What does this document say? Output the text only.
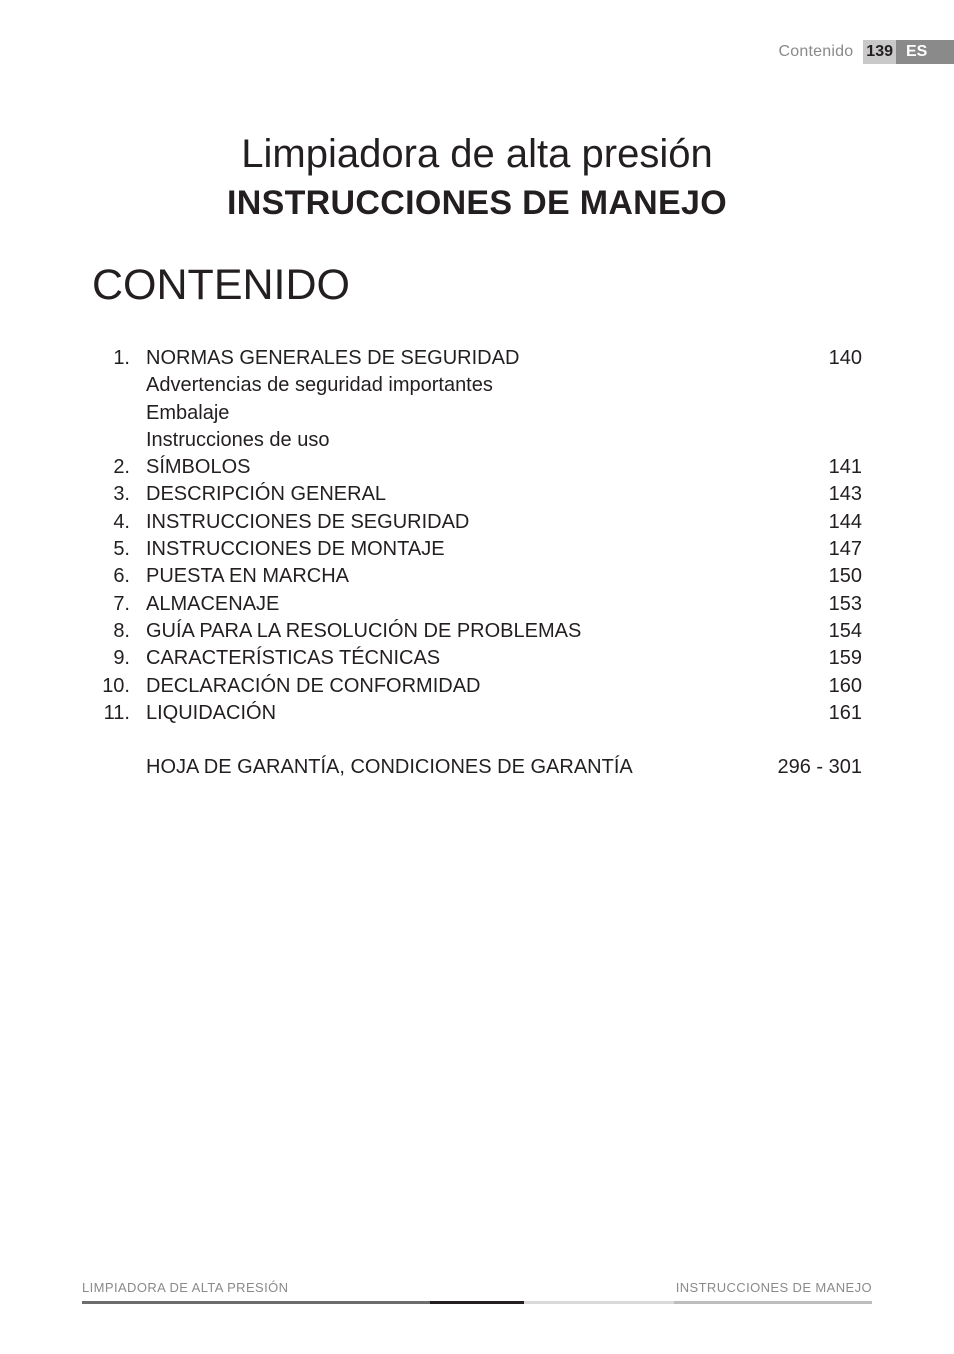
Contenido 139 ES
Limpiadora de alta presión
INSTRUCCIONES DE MANEJO
CONTENIDO
1. NORMAS GENERALES DE SEGURIDAD	140
Advertencias de seguridad importantes
Embalaje
Instrucciones de uso
2. SÍMBOLOS	141
3. DESCRIPCIÓN GENERAL	143
4. INSTRUCCIONES DE SEGURIDAD	144
5. INSTRUCCIONES DE MONTAJE	147
6. PUESTA EN MARCHA	150
7. ALMACENAJE	153
8. GUÍA PARA LA RESOLUCIÓN DE PROBLEMAS	154
9. CARACTERÍSTICAS TÉCNICAS	159
10. DECLARACIÓN DE CONFORMIDAD	160
11. LIQUIDACIÓN	161
HOJA DE GARANTÍA, CONDICIONES DE GARANTÍA	296 - 301
LIMPIADORA DE ALTA PRESIÓN	INSTRUCCIONES DE MANEJO
